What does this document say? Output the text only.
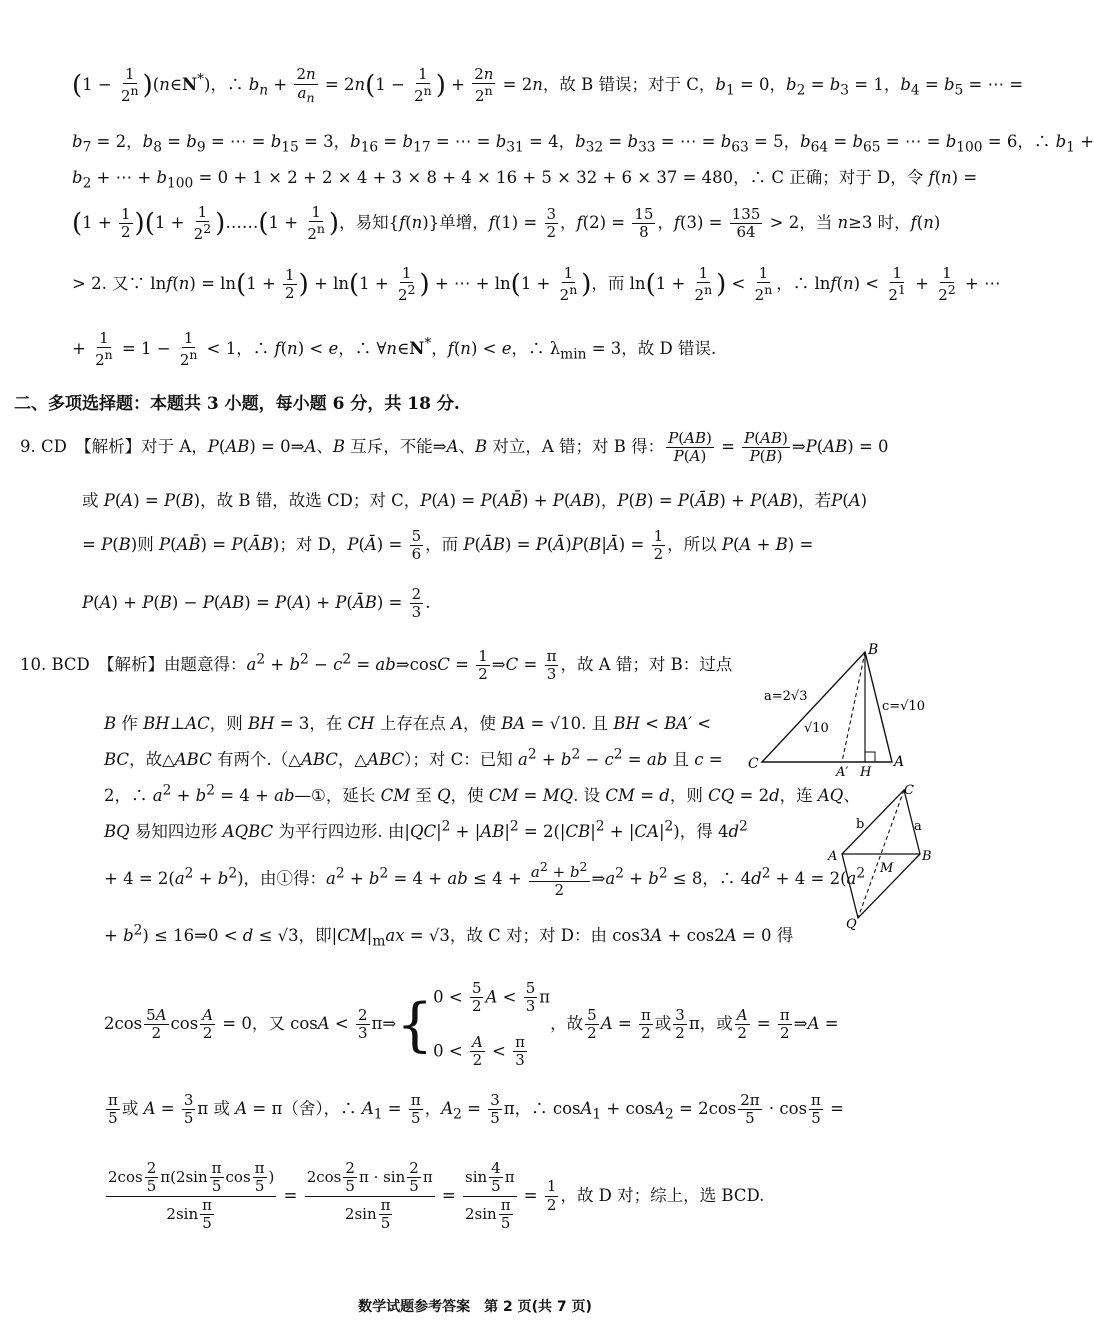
($1 - \frac{1}{2^n}$ )(n∈N*)，∴ $b_n + \frac{2n}{a_n} = 2n(1 - \frac{1}{2^n}$ ) + $\frac{2n}{2^n} = 2n$，故 B 错误；对于 C，$b_1 = 0$，$b_2 = b_3 = 1$，$b_4 = b_5$ = ⋯ =
$b_7 = 2$，$b_8 = b_9$ = ⋯ = $b_{15} = 3$，$b_{16} = b_{17}$ = ⋯ = $b_{31} = 4$，$b_{32} = b_{33}$ = ⋯ = $b_{63} = 5$，$b_{64} = b_{65}$ = ⋯ = $b_{100} = 6$，∴ $b_1$ +
$b_2$ + ⋯ + $b_{100} = 0 + 1 \times 2 + 2 \times 4 + 3 \times 8 + 4 \times 16 + 5 \times 32 + 6 \times 37 = 480$，∴ C 正确；对于 D，令 f(n) =
$(1 + \frac{1}{2} )(1 + \frac{1}{2^2}$ )……(1 + $\frac{1}{2^n}$ )，易知{f(n)}单增，$f(1) = \frac{3}{2}$ ，$f(2) = \frac{15}{8}$ ，$f(3) = \frac{135}{64} > 2$，当 n≥3 时，f(n)
> 2. 又∵ $\ln f(n) = \ln(1 + \frac{1}{2}$ ) + $\ln(1 + \frac{1}{2^2}$ ) + ⋯ + $\ln(1 + \frac{1}{2^n}$ )，而 $\ln(1 + \frac{1}{2^n}$ ) < $\frac{1}{2^n}$ ，∴ $\ln f(n) < \frac{1}{2^1} + \frac{1}{2^2}$ + ⋯
+ $\frac{1}{2^n} = 1 - \frac{1}{2^n} < 1$，∴ f(n) < e，∴ ∀n∈N*，f(n) < e，∴ $\lambda_{min} = 3$，故 D 错误.
二、多项选择题：本题共 3 小题，每小题 6 分，共 18 分.
9. CD　【解析】对于 A，P(AB) = 0⇒A、B 互斥，不能⇒A、B 对立，A 错；对 B 得： $\frac{P(AB)}{P(A)} = \frac{P(AB)}{P(B)}$ ⇒P(AB) = 0
或 P(A) = P(B)，故 B 错，故选 CD；对 C，P(A) = P(AB̄) + P(AB)，P(B) = P(ĀB) + P(AB)，若P(A)
= P(B)则 P(AB̄) = P(ĀB)；对 D，P(Ā) = $\frac{5}{6}$ ，而 P(ĀB) = P(Ā)P(B|Ā) = $\frac{1}{2}$ ，所以 P(A + B) =
P(A) + P(B) − P(AB) = P(A) + P(ĀB) = $\frac{2}{3}$ .
10. BCD　【解析】由题意得：$a^2 + b^2 - c^2$ = ab⇒cosC = $\frac{1}{2}$ ⇒C = $\frac{\pi}{3}$ ，故 A 错；对 B：过点
B 作 BH⊥AC，则 BH = 3，在 CH 上存在点 A，使 BA = √10. 且 BH < BA′ <
BC，故△ABC 有两个.（△ABC，△ABC）；对 C：已知 $a^2 + b^2 - c^2$ = ab 且 c =
2，∴ $a^2 + b^2 = 4$ + ab—①，延长 CM 至 Q，使 CM = MQ. 设 CM = d，则 CQ = 2d，连 AQ、
BQ 易知四边形 AQBC 为平行四边形. 由$|QC|^2 + |AB|^2 = 2(|CB|^2 + |CA|^2)$，得 $4d^2$
+ $4 = 2(a^2 + b^2)$，由①得：$a^2 + b^2 = 4$ + ab ≤ $4 + \frac{a^2 + b^2}{2}$ $\Rightarrow a^2 + b^2 \le 8$，∴ $4d^2 + 4 = 2(a^2$
+ $b^2$) ≤ 16⇒0 < d ≤ √3，即$|CM|_max = √3$，故 C 对；对 D：由 cos3A + cos2A = 0 得
$2\cos \frac{5A}{2}$ $\cos \frac{A}{2} = 0$，又 $\cos A < \frac{2}{3}$ π⇒{ $0 < \frac{5}{2}$ $A < \frac{5}{3}$ π
$0 < \frac{A}{2} < \frac{\pi}{3}$
，故 $\frac{5}{2}$ $A = \frac{\pi}{2}$ 或 $\frac{3}{2}$ π，或 $\frac{A}{2} = \frac{\pi}{2}$ ⇒A =
$\frac{\pi}{5}$ 或 $A = \frac{3}{5}$ π 或 A = π（舍），∴ $A_1 = \frac{\pi}{5}$ ，$A_2 = \frac{3}{5}$ π，∴ $\cos A_1 + \cos A_2 = 2\cos \frac{2\pi}{5} \cdot \cos \frac{\pi}{5}$ =
$\frac{2\cos \frac{2}{5} \pi(2\sin \frac{\pi}{5} \cos \frac{\pi}{5} )}{2\sin \frac{\pi}{5}} = \frac{2\cos \frac{2}{5} \pi \cdot \sin \frac{2}{5} \pi}{2\sin \frac{\pi}{5}} = \frac{\sin \frac{4}{5} \pi}{2\sin \frac{\pi}{5}} = \frac{1}{2}$ ，故 D 对；综上，选 BCD.
B
a=2√3
c=√10
√10
C
A′ H
A
C
b	a
A
M
B
Q
数学试题参考答案　第 2 页(共 7 页)
